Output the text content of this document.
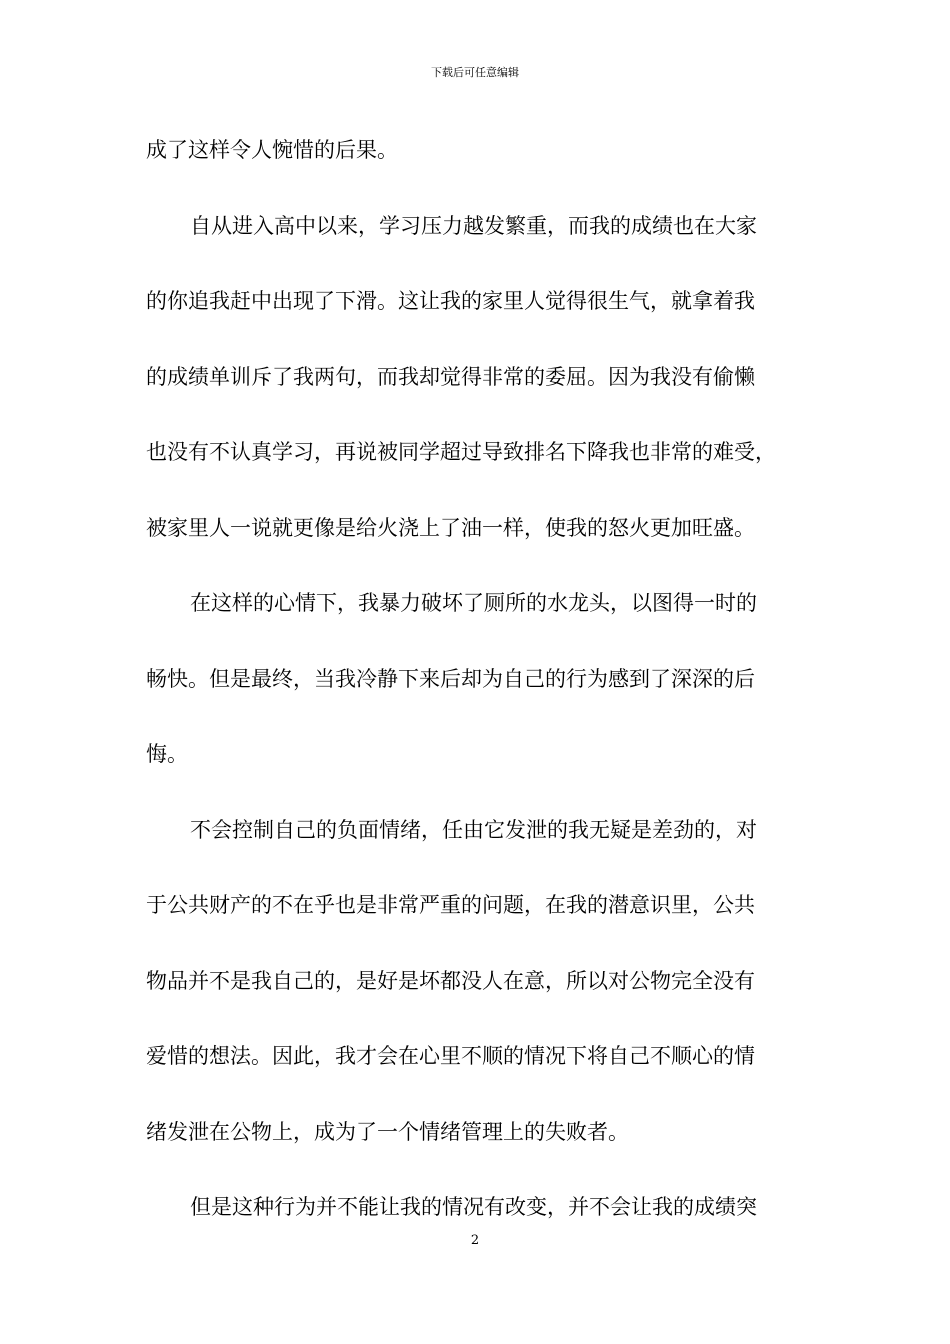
下载后可任意编辑
成了这样令人惋惜的后果。
自从进入高中以来，学习压力越发繁重，而我的成绩也在大家
的你追我赶中出现了下滑。这让我的家里人觉得很生气，就拿着我
的成绩单训斥了我两句，而我却觉得非常的委屈。因为我没有偷懒
也没有不认真学习，再说被同学超过导致排名下降我也非常的难受，
被家里人一说就更像是给火浇上了油一样，使我的怒火更加旺盛。
在这样的心情下，我暴力破坏了厕所的水龙头，以图得一时的
畅快。但是最终，当我冷静下来后却为自己的行为感到了深深的后
悔。
不会控制自己的负面情绪，任由它发泄的我无疑是差劲的，对
于公共财产的不在乎也是非常严重的问题，在我的潜意识里，公共
物品并不是我自己的，是好是坏都没人在意，所以对公物完全没有
爱惜的想法。因此，我才会在心里不顺的情况下将自己不顺心的情
绪发泄在公物上，成为了一个情绪管理上的失败者。
但是这种行为并不能让我的情况有改变，并不会让我的成绩突
2
